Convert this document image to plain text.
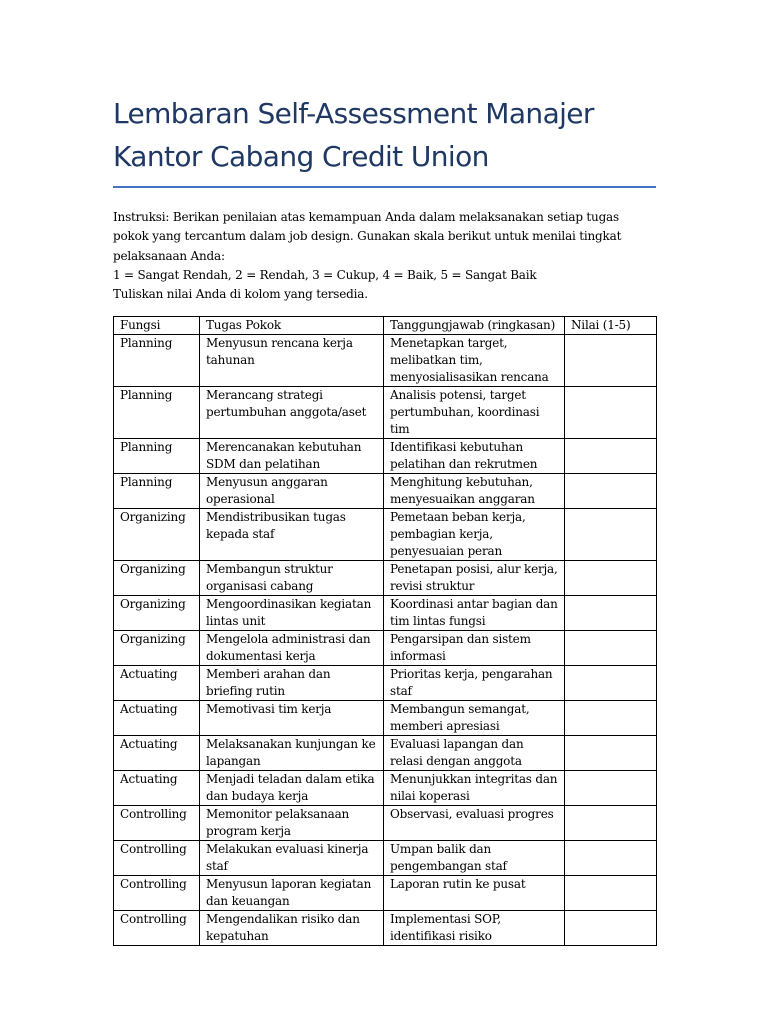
Lembaran Self-Assessment Manajer
Kantor Cabang Credit Union

Instruksi: Berikan penilaian atas kemampuan Anda dalam melaksanakan setiap tugas pokok yang tercantum dalam job design. Gunakan skala berikut untuk menilai tingkat pelaksanaan Anda:

1 = Sangat Rendah, 2 = Rendah, 3 = Cukup, 4 = Baik, 5 = Sangat Baik

Tuliskan nilai Anda di kolom yang tersedia.

Fungsi	Tugas Pokok	Tanggungjawab (ringkasan)	Nilai (1-5)
Planning	Menyusun rencana kerja tahunan	Menetapkan target, melibatkan tim, menyosialisasikan rencana	
Planning	Merancang strategi pertumbuhan anggota/aset	Analisis potensi, target pertumbuhan, koordinasi tim	
Planning	Merencanakan kebutuhan SDM dan pelatihan	Identifikasi kebutuhan pelatihan dan rekrutmen	
Planning	Menyusun anggaran operasional	Menghitung kebutuhan, menyesuaikan anggaran	
Organizing	Mendistribusikan tugas kepada staf	Pemetaan beban kerja, pembagian kerja, penyesuaian peran	
Organizing	Membangun struktur organisasi cabang	Penetapan posisi, alur kerja, revisi struktur	
Organizing	Mengoordinasikan kegiatan lintas unit	Koordinasi antar bagian dan tim lintas fungsi	
Organizing	Mengelola administrasi dan dokumentasi kerja	Pengarsipan dan sistem informasi	
Actuating	Memberi arahan dan briefing rutin	Prioritas kerja, pengarahan staf	
Actuating	Memotivasi tim kerja	Membangun semangat, memberi apresiasi	
Actuating	Melaksanakan kunjungan ke lapangan	Evaluasi lapangan dan relasi dengan anggota	
Actuating	Menjadi teladan dalam etika dan budaya kerja	Menunjukkan integritas dan nilai koperasi	
Controlling	Memonitor pelaksanaan program kerja	Observasi, evaluasi progres	
Controlling	Melakukan evaluasi kinerja staf	Umpan balik dan pengembangan staf	
Controlling	Menyusun laporan kegiatan dan keuangan	Laporan rutin ke pusat	
Controlling	Mengendalikan risiko dan kepatuhan	Implementasi SOP, identifikasi risiko	
